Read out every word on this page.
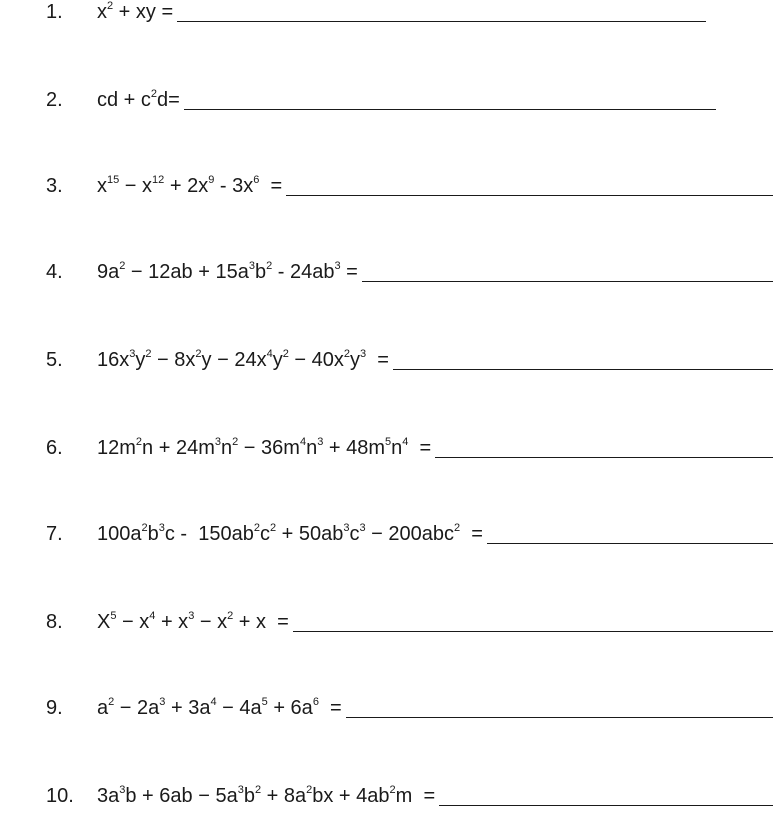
1. $x^2$ + xy =
2. cd + $c^2d=$
3. $x^{15} - x^{12} + 2x^9 - 3x^6$  =
4. $9a^2 - 12ab + 15a^3b^2 - 24ab^3$ =
5. $16x^3y^2 - 8x^2y - 24x^4y^2 - 40x^2y^3$  =
6. $12m^2n + 24m^3n^2 - 36m^4n^3 + 48m^5n^4$  =
7. $100a^2b^3c - 150ab^2c^2 + 50ab^3c^3 - 200abc^2$  =
8. $X^5 - x^4 + x^3 - x^2 + x$  =
9. $a^2 - 2a^3 + 3a^4 - 4a^5 + 6a^6$  =
10. $3a^3b + 6ab - 5a^3b^2 + 8a^2bx + 4ab^2m$  =
